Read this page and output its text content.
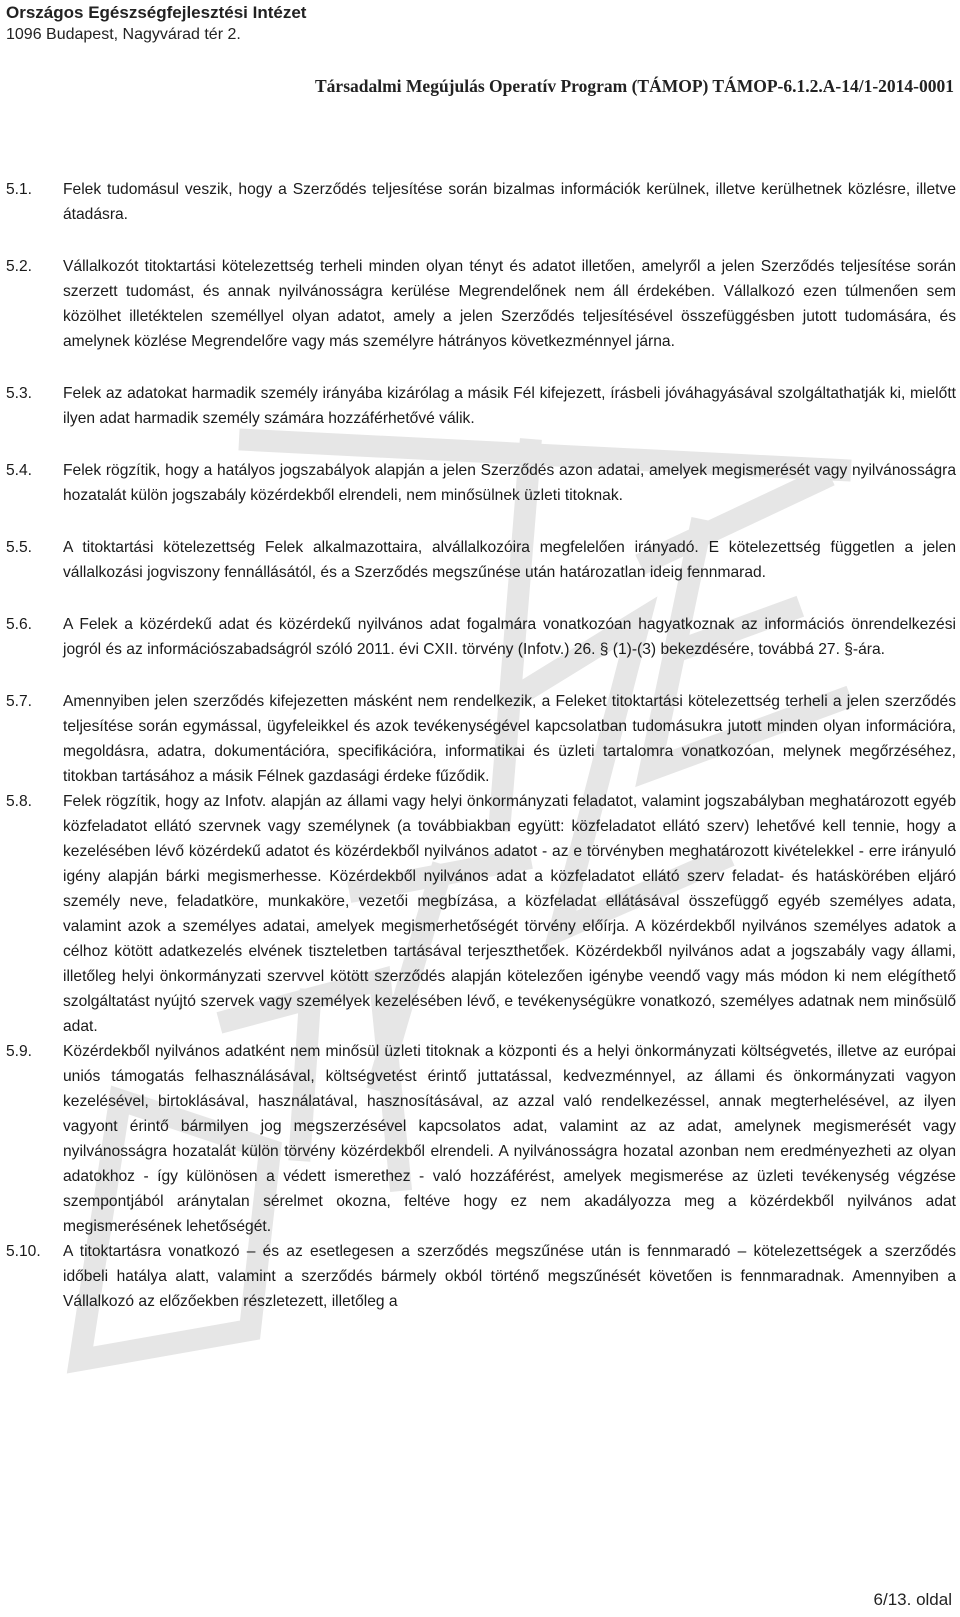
Országos Egészségfejlesztési Intézet
1096 Budapest, Nagyvárad tér 2.
Társadalmi Megújulás Operatív Program (TÁMOP) TÁMOP-6.1.2.A-14/1-2014-0001
5.1.	Felek tudomásul veszik, hogy a Szerződés teljesítése során bizalmas információk kerülnek, illetve kerülhetnek közlésre, illetve átadásra.
5.2.	Vállalkozót titoktartási kötelezettség terheli minden olyan tényt és adatot illetően, amelyről a jelen Szerződés teljesítése során szerzett tudomást, és annak nyilvánosságra kerülése Megrendelőnek nem áll érdekében. Vállalkozó ezen túlmenően sem közölhet illetéktelen személlyel olyan adatot, amely a jelen Szerződés teljesítésével összefüggésben jutott tudomására, és amelynek közlése Megrendelőre vagy más személyre hátrányos következménnyel járna.
5.3.	Felek az adatokat harmadik személy irányába kizárólag a másik Fél kifejezett, írásbeli jóváhagyásával szolgáltathatják ki, mielőtt ilyen adat harmadik személy számára hozzáférhetővé válik.
5.4.	Felek rögzítik, hogy a hatályos jogszabályok alapján a jelen Szerződés azon adatai, amelyek megismerését vagy nyilvánosságra hozatalát külön jogszabály közérdekből elrendeli, nem minősülnek üzleti titoknak.
5.5.	A titoktartási kötelezettség Felek alkalmazottaira, alvállalkozóira megfelelően irányadó. E kötelezettség független a jelen vállalkozási jogviszony fennállásától, és a Szerződés megszűnése után határozatlan ideig fennmarad.
5.6.	A Felek a közérdekű adat és közérdekű nyilvános adat fogalmára vonatkozóan hagyatkoznak az információs önrendelkezési jogról és az információszabadságról szóló 2011. évi CXII. törvény (Infotv.) 26. § (1)-(3) bekezdésére, továbbá 27. §-ára.
5.7.	Amennyiben jelen szerződés kifejezetten másként nem rendelkezik, a Feleket titoktartási kötelezettség terheli a jelen szerződés teljesítése során egymással, ügyfeleikkel és azok tevékenységével kapcsolatban tudomásukra jutott minden olyan információra, megoldásra, adatra, dokumentációra, specifikációra, informatikai és üzleti tartalomra vonatkozóan, melynek megőrzéséhez, titokban tartásához a másik Félnek gazdasági érdeke fűződik.
5.8.	Felek rögzítik, hogy az Infotv. alapján az állami vagy helyi önkormányzati feladatot, valamint jogszabályban meghatározott egyéb közfeladatot ellátó szervnek vagy személynek (a továbbiakban együtt: közfeladatot ellátó szerv) lehetővé kell tennie, hogy a kezelésében lévő közérdekű adatot és közérdekből nyilvános adatot - az e törvényben meghatározott kivételekkel - erre irányuló igény alapján bárki megismerhesse. Közérdekből nyilvános adat a közfeladatot ellátó szerv feladat- és hatáskörében eljáró személy neve, feladatköre, munkaköre, vezetői megbízása, a közfeladat ellátásával összefüggő egyéb személyes adata, valamint azok a személyes adatai, amelyek megismerhetőségét törvény előírja. A közérdekből nyilvános személyes adatok a célhoz kötött adatkezelés elvének tiszteletben tartásával terjeszthetőek. Közérdekből nyilvános adat a jogszabály vagy állami, illetőleg helyi önkormányzati szervvel kötött szerződés alapján kötelezően igénybe veendő vagy más módon ki nem elégíthető szolgáltatást nyújtó szervek vagy személyek kezelésében lévő, e tevékenységükre vonatkozó, személyes adatnak nem minősülő adat.
5.9.	Közérdekből nyilvános adatként nem minősül üzleti titoknak a központi és a helyi önkormányzati költségvetés, illetve az európai uniós támogatás felhasználásával, költségvetést érintő juttatással, kedvezménnyel, az állami és önkormányzati vagyon kezelésével, birtoklásával, használatával, hasznosításával, az azzal való rendelkezéssel, annak megterhelésével, az ilyen vagyont érintő bármilyen jog megszerzésével kapcsolatos adat, valamint az az adat, amelynek megismerését vagy nyilvánosságra hozatalát külön törvény közérdekből elrendeli. A nyilvánosságra hozatal azonban nem eredményezheti az olyan adatokhoz - így különösen a védett ismerethez - való hozzáférést, amelyek megismerése az üzleti tevékenység végzése szempontjából aránytalan sérelmet okozna, feltéve hogy ez nem akadályozza meg a közérdekből nyilvános adat megismerésének lehetőségét.
5.10.	A titoktartásra vonatkozó – és az esetlegesen a szerződés megszűnése után is fennmaradó – kötelezettségek a szerződés időbeli hatálya alatt, valamint a szerződés bármely okból történő megszűnését követően is fennmaradnak. Amennyiben a Vállalkozó az előzőekben részletezett, illetőleg a
6/13. oldal
